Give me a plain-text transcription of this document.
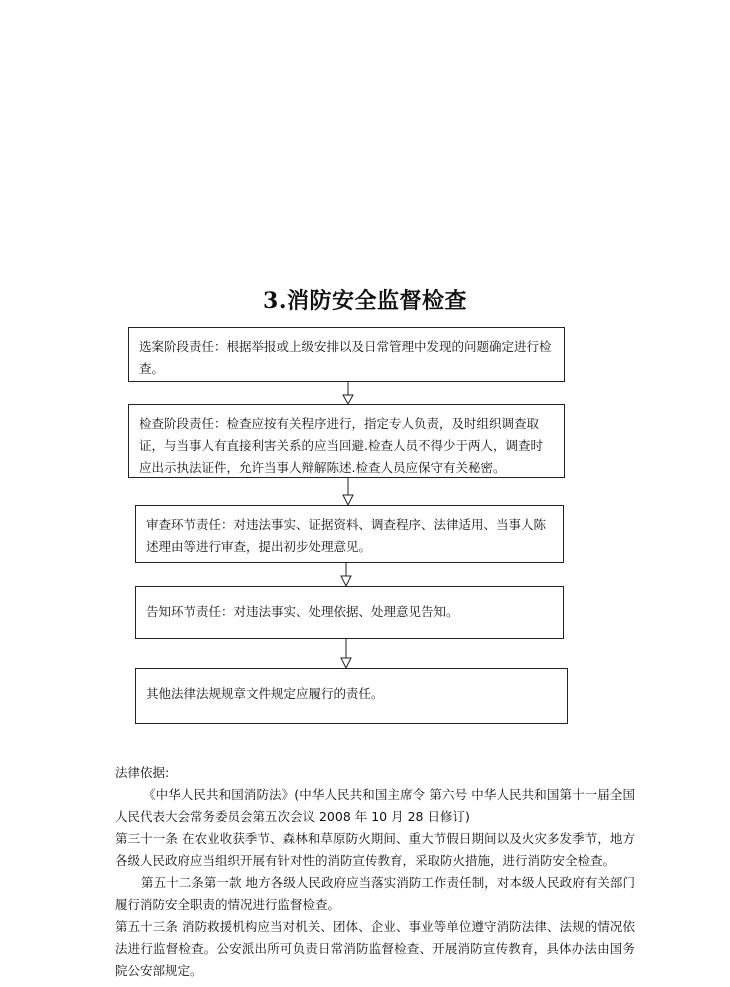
3.消防安全监督检查

选案阶段责任：根据举报或上级安排以及日常管理中发现的问题确定进行检查。

检查阶段责任：检查应按有关程序进行，指定专人负责，及时组织调查取证，与当事人有直接利害关系的应当回避.检查人员不得少于两人，调查时应出示执法证件，允许当事人辩解陈述.检查人员应保守有关秘密。

审查环节责任：对违法事实、证据资料、调查程序、法律适用、当事人陈述理由等进行审查，提出初步处理意见。

告知环节责任：对违法事实、处理依据、处理意见告知。

其他法律法规规章文件规定应履行的责任。

法律依据:

《中华人民共和国消防法》(中华人民共和国主席令 第六号 中华人民共和国第十一届全国人民代表大会常务委员会第五次会议 2008 年 10 月 28 日修订)

第三十一条 在农业收获季节、森林和草原防火期间、重大节假日期间以及火灾多发季节，地方各级人民政府应当组织开展有针对性的消防宣传教育，采取防火措施，进行消防安全检查。

第五十二条第一款 地方各级人民政府应当落实消防工作责任制，对本级人民政府有关部门履行消防安全职责的情况进行监督检查。

第五十三条 消防救援机构应当对机关、团体、企业、事业等单位遵守消防法律、法规的情况依法进行监督检查。公安派出所可负责日常消防监督检查、开展消防宣传教育，具体办法由国务院公安部规定。
